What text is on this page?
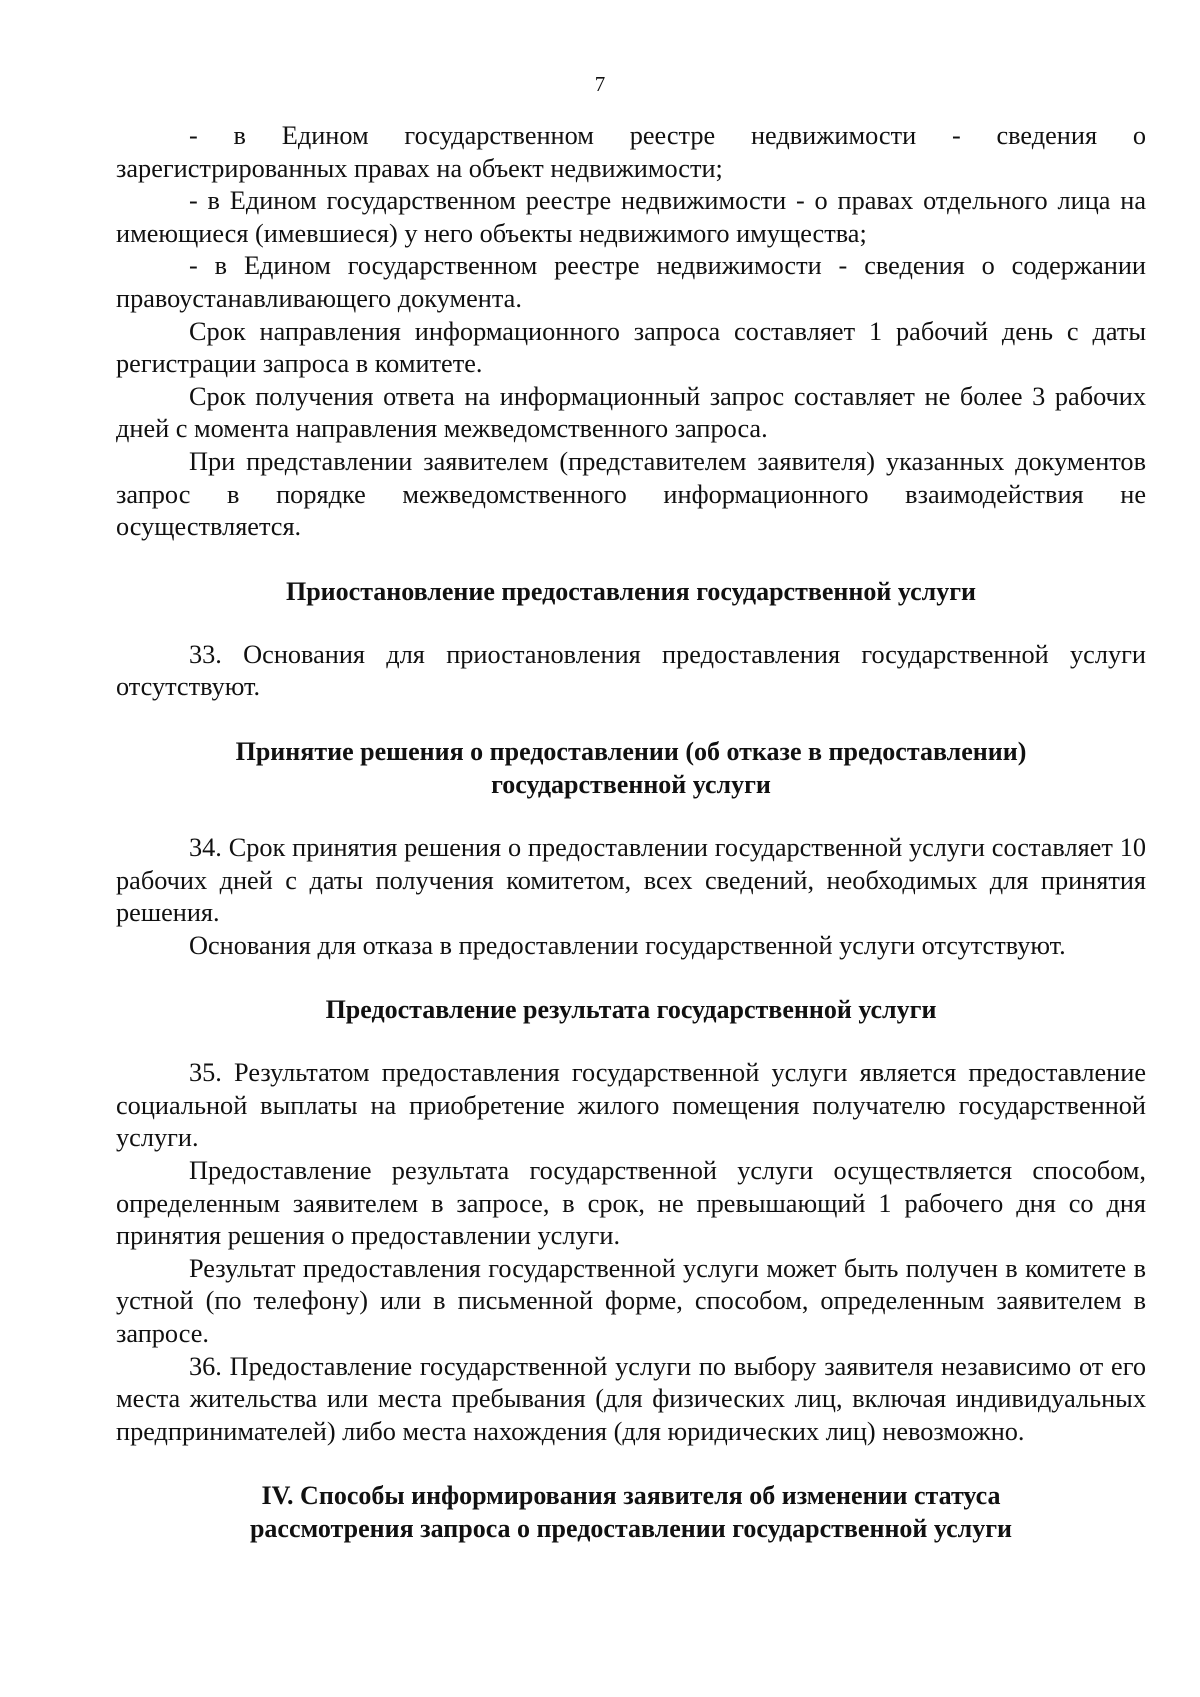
7

- в Едином государственном реестре недвижимости - сведения о зарегистрированных правах на объект недвижимости;

- в Едином государственном реестре недвижимости - о правах отдельного лица на имеющиеся (имевшиеся) у него объекты недвижимого имущества;

- в Едином государственном реестре недвижимости - сведения о содержании правоустанавливающего документа.

Срок направления информационного запроса составляет 1 рабочий день с даты регистрации запроса в комитете.

Срок получения ответа на информационный запрос составляет не более 3 рабочих дней с момента направления межведомственного запроса.

При представлении заявителем (представителем заявителя) указанных документов запрос в порядке межведомственного информационного взаимодействия не осуществляется.

Приостановление предоставления государственной услуги

33. Основания для приостановления предоставления государственной услуги отсутствуют.

Принятие решения о предоставлении (об отказе в предоставлении)
государственной услуги

34. Срок принятия решения о предоставлении государственной услуги составляет 10 рабочих дней с даты получения комитетом, всех сведений, необходимых для принятия решения.

Основания для отказа в предоставлении государственной услуги отсутствуют.

Предоставление результата государственной услуги

35. Результатом предоставления государственной услуги является предоставление социальной выплаты на приобретение жилого помещения получателю государственной услуги.

Предоставление результата государственной услуги осуществляется способом, определенным заявителем в запросе, в срок, не превышающий 1 рабочего дня со дня принятия решения о предоставлении услуги.

Результат предоставления государственной услуги может быть получен в комитете в устной (по телефону) или в письменной форме, способом, определенным заявителем в запросе.

36. Предоставление государственной услуги по выбору заявителя независимо от его места жительства или места пребывания (для физических лиц, включая индивидуальных предпринимателей) либо места нахождения (для юридических лиц) невозможно.

IV. Способы информирования заявителя об изменении статуса
рассмотрения запроса о предоставлении государственной услуги
